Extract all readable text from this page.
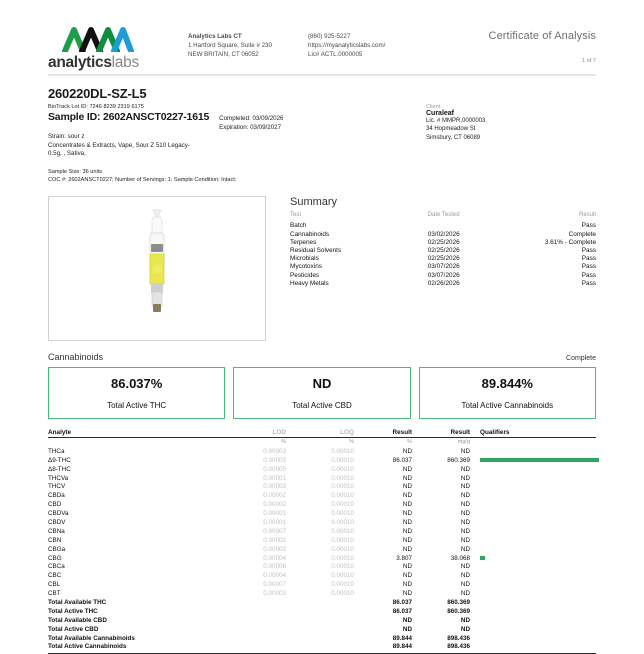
analyticslabs
Analytics Labs CT
1 Hartford Square, Suite # 230
NEW BRITAIN, CT 06052
(860) 925-5227
https://myanalyticslabs.com/
Lic# ACTL.0000005
Certificate of Analysis
1 of 7
260220DL-SZ-L5
BioTrack Lot ID: 7246 8239 2319 6175
Sample ID: 2602ANSCT0227-1615 Completed: 03/09/2026
Expiration: 03/09/2027
Strain: sour z
Concentrates & Extracts, Vape, Sour Z 510 Legacy-
0.5g, , Sativa,
Sample Size: 36 units
COC #: 2602ANSCT0227; Number of Servings: 1; Sample Condition: Intact;
Client
Curaleaf
Lic. # MMPR.0000003
34 Hopmeadow St
Simsbury, CT 06089
Summary
Test	Date Tested	Result
Batch		Pass
Cannabinoids	03/02/2026	Complete
Terpenes	02/25/2026	3.61% - Complete
Residual Solvents	02/25/2026	Pass
Microbials	02/25/2026	Pass
Mycotoxins	03/07/2026	Pass
Pesticides	03/07/2026	Pass
Heavy Metals	02/26/2026	Pass
Cannabinoids	Complete
86.037%
Total Active THC
ND
Total Active CBD
89.844%
Total Active Cannabinoids
Analyte	LOD	LOQ	Result	Result	Qualifiers
	%	%	%	mg/g	
THCa	0.00003	0.00010	ND	ND	
Δ9-THC	0.00003	0.00010	86.037	860.369	
Δ8-THC	0.00005	0.00010	ND	ND	
THCVa	0.00001	0.00010	ND	ND	
THCV	0.00003	0.00010	ND	ND	
CBDa	0.00002	0.00010	ND	ND	
CBD	0.00002	0.00010	ND	ND	
CBDVa	0.00001	0.00010	ND	ND	
CBDV	0.00001	0.00010	ND	ND	
CBNa	0.00007	0.00010	ND	ND	
CBN	0.00002	0.00010	ND	ND	
CBGa	0.00003	0.00010	ND	ND	
CBG	0.00004	0.00010	3.807	38.068	
CBCa	0.00006	0.00010	ND	ND	
CBC	0.00004	0.00010	ND	ND	
CBL	0.00007	0.00010	ND	ND	
CBT	0.00003	0.00010	ND	ND	
Total Available THC			86.037	860.369	
Total Active THC			86.037	860.369	
Total Available CBD			ND	ND	
Total Active CBD			ND	ND	
Total Available Cannabinoids			89.844	898.436	
Total Active Cannabinoids			89.844	898.436	
